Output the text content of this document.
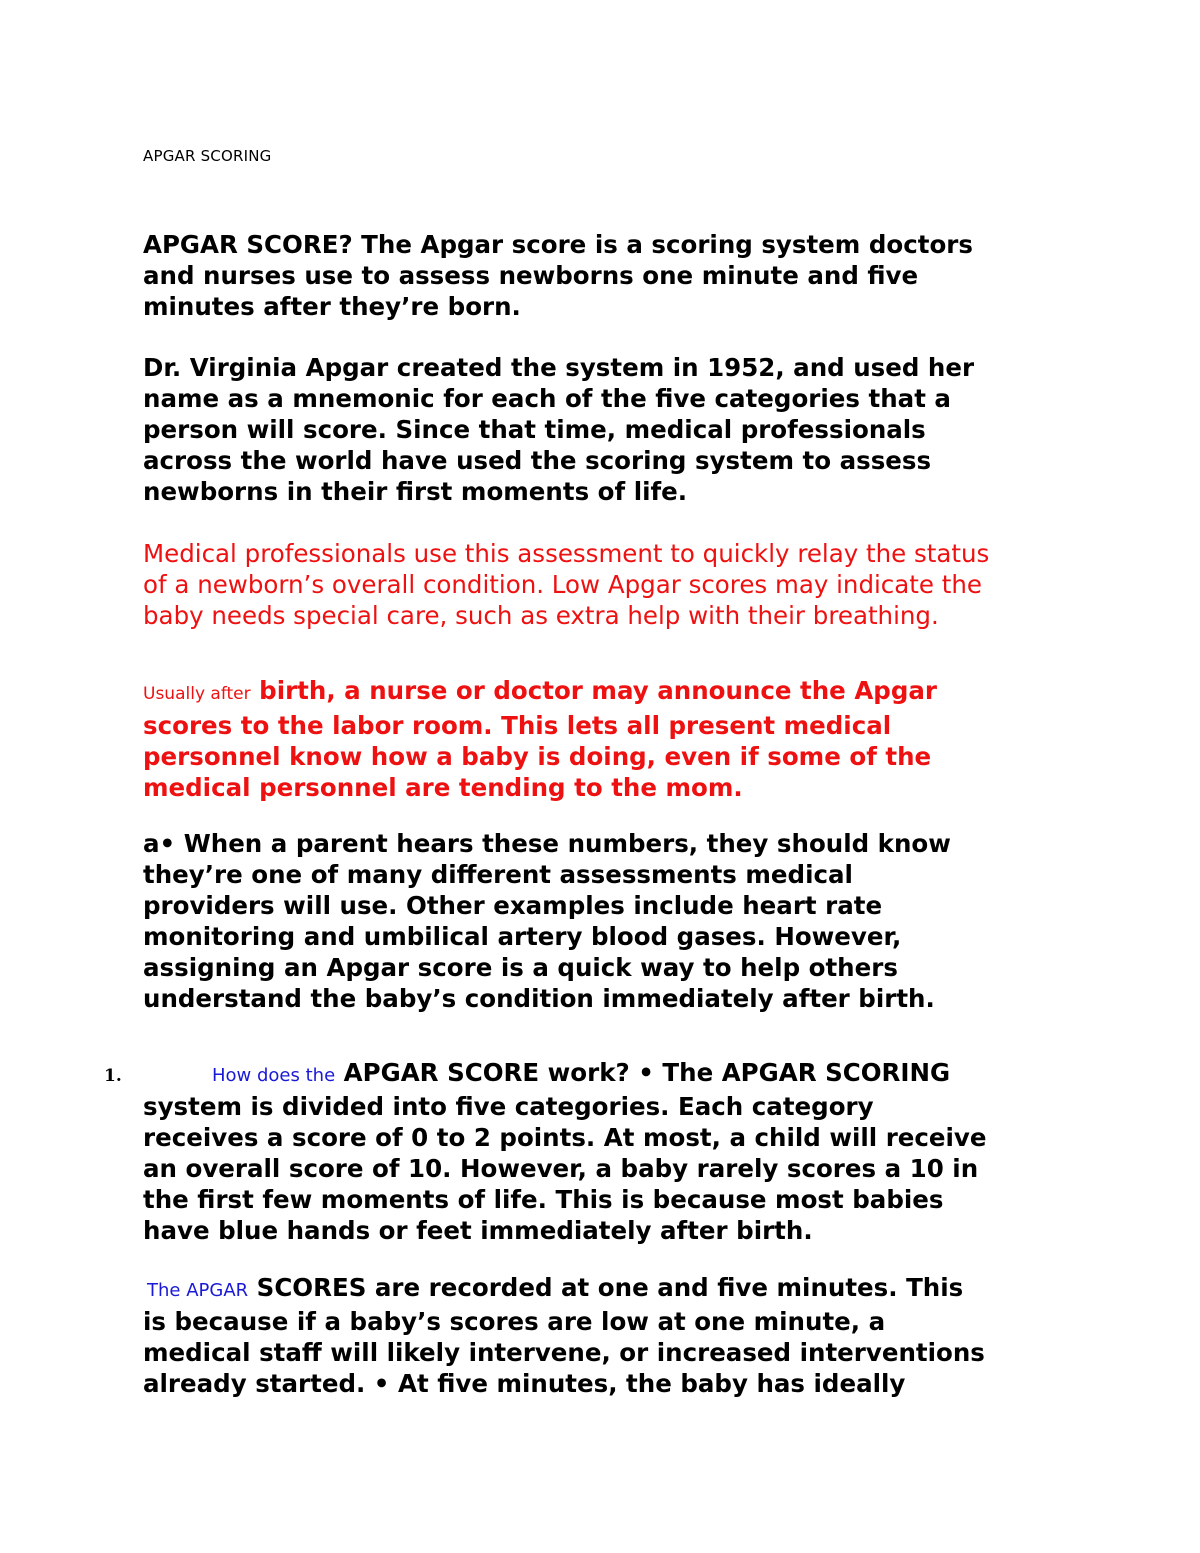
APGAR SCORING

APGAR SCORE? The Apgar score is a scoring system doctors
and nurses use to assess newborns one minute and five
minutes after they’re born.

Dr. Virginia Apgar created the system in 1952, and used her
name as a mnemonic for each of the five categories that a
person will score. Since that time, medical professionals
across the world have used the scoring system to assess
newborns in their first moments of life.

Medical professionals use this assessment to quickly relay the status
of a newborn’s overall condition. Low Apgar scores may indicate the
baby needs special care, such as extra help with their breathing.

Usually after birth, a nurse or doctor may announce the Apgar
scores to the labor room. This lets all present medical
personnel know how a baby is doing, even if some of the
medical personnel are tending to the mom.

a• When a parent hears these numbers, they should know
they’re one of many different assessments medical
providers will use. Other examples include heart rate
monitoring and umbilical artery blood gases. However,
assigning an Apgar score is a quick way to help others
understand the baby’s condition immediately after birth.

1.	How does the APGAR SCORE work? • The APGAR SCORING
system is divided into five categories. Each category
receives a score of 0 to 2 points. At most, a child will receive
an overall score of 10. However, a baby rarely scores a 10 in
the first few moments of life. This is because most babies
have blue hands or feet immediately after birth.

The APGAR SCORES are recorded at one and five minutes. This
is because if a baby’s scores are low at one minute, a
medical staff will likely intervene, or increased interventions
already started. • At five minutes, the baby has ideally
